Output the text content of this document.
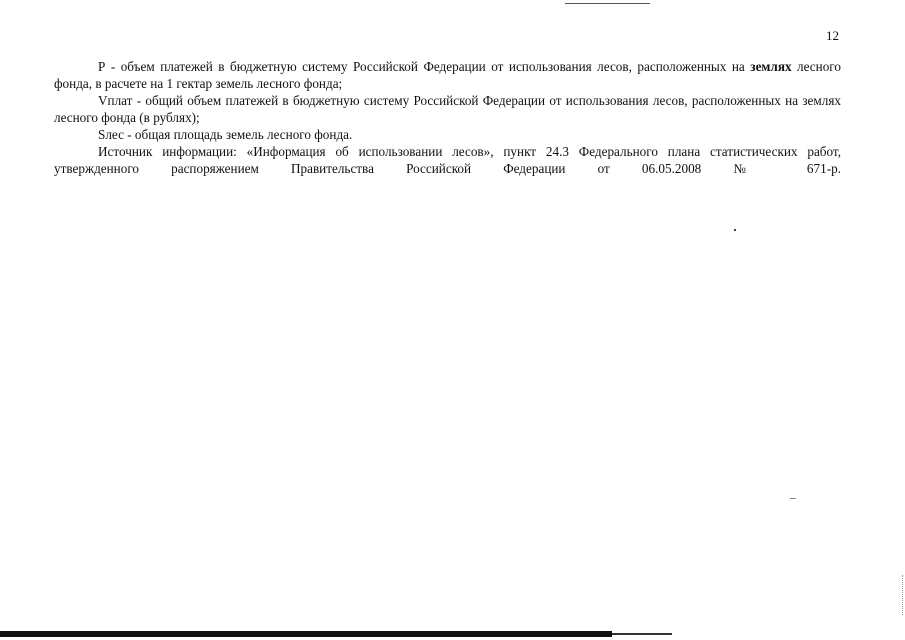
12

Р - объем платежей в бюджетную систему Российской Федерации от использования лесов, расположенных на землях лесного фонда, в расчете на 1 гектар земель лесного фонда;

Vплат - общий объем платежей в бюджетную систему Российской Федерации от использования лесов, расположенных на землях лесного фонда (в рублях);

Sлес - общая площадь земель лесного фонда.

Источник информации: «Информация об использовании лесов», пункт 24.3 Федерального плана статистических работ, утвержденного распоряжением Правительства Российской Федерации от 06.05.2008 № 671-р.
